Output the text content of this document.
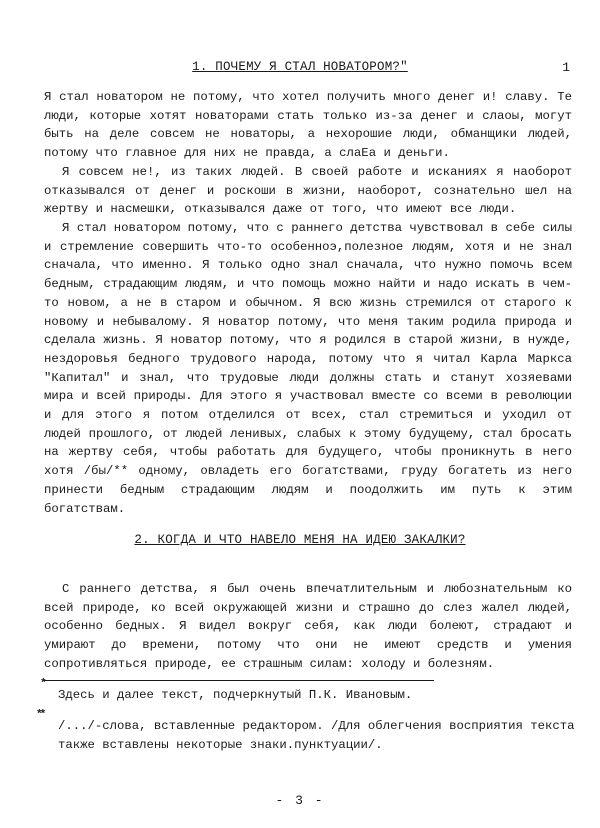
1
1. ПОЧЕМУ Я СТАЛ НОВАТОРОМ?"

Я стал новатором не потому, что хотел получить много денег и! славу. Те люди, которые хотят новаторами стать только из-за денег и слаоы, могут быть на деле совсем не новаторы, а нехорошие люди, обманщики людей, потому что главное для них не правда, а слаЕа и деньги.

Я совсем не!, из таких людей. В своей работе и исканиях я наоборот отказывался от денег и роскоши в жизни, наоборот, сознательно шел на жертву и насмешки, отказывался даже от того, что имеют все люди.

Я стал новатором потому, что с раннего детства чувствовал в себе силы и стремление совершить что-то особенноэ,полезное людям, хотя и не знал сначала, что именно. Я только одно знал сначала, что нужно помочь всем бедным, страдающим людям, и что помощь можно найти и надо искать в чем-то новом, а не в старом и обычном. Я всю жизнь стремился от старого к новому и небывалому. Я новатор потому, что меня таким родила природа и сделала жизнь. Я новатор потому, что я родился в старой жизни, в нужде, нездоровья бедного трудового народа, потому что я читал Карла Маркса "Капитал" и знал, что трудовые люди должны стать и станут хозяевами мира и всей природы. Для этого я участвовал вместе со всеми в революции и для этого я потом отделился от всех, стал стремиться и уходил от людей прошлого, от людей ленивых, слабых к этому будущему, стал бросать на жертву себя, чтобы работать для будущего, чтобы проникнуть в него хотя /бы/** одному, овладеть его богатствами, груду богатеть из него принести бедным страдающим людям и поодолжить им путь к этим богатствам.

2. КОГДА И ЧТО НАВЕЛО МЕНЯ НА ИДЕЮ ЗАКАЛКИ?

С раннего детства, я был очень впечатлительным и любознательным ко всей природе, ко всей окружающей жизни и страшно до слез жалел людей, особенно бедных. Я видел вокруг себя, как люди болеют, страдают и умирают до времени, потому что они не имеют средств и умения сопротивляться природе, ее страшным силам: холоду и болезням.

*

Здесь и далее текст, подчеркнутый П.К. Ивановым.

**

/.../-слова, вставленные редактором. /Для облегчения восприятия текста также вставлены некоторые знаки.пунктуации/.

- 3 -
